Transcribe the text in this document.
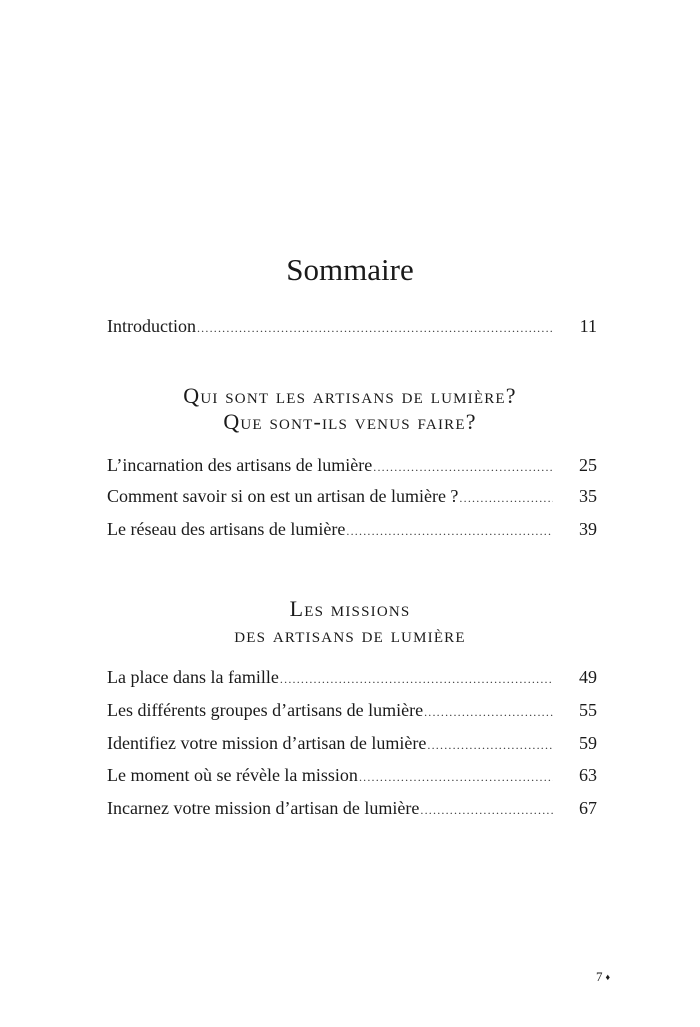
Sommaire
Introduction .....	11
Qui sont les artisans de lumière?
Que sont-ils venus faire?
L’incarnation des artisans de lumière .....	25
Comment savoir si on est un artisan de lumière ? .....	35
Le réseau des artisans de lumière .....	39
Les missions
des artisans de lumière
La place dans la famille .....	49
Les différents groupes d’artisans de lumière .....	55
Identifiez votre mission d’artisan de lumière .....	59
Le moment où se révèle la mission .....	63
Incarnez votre mission d’artisan de lumière .....	67
7 ♦
